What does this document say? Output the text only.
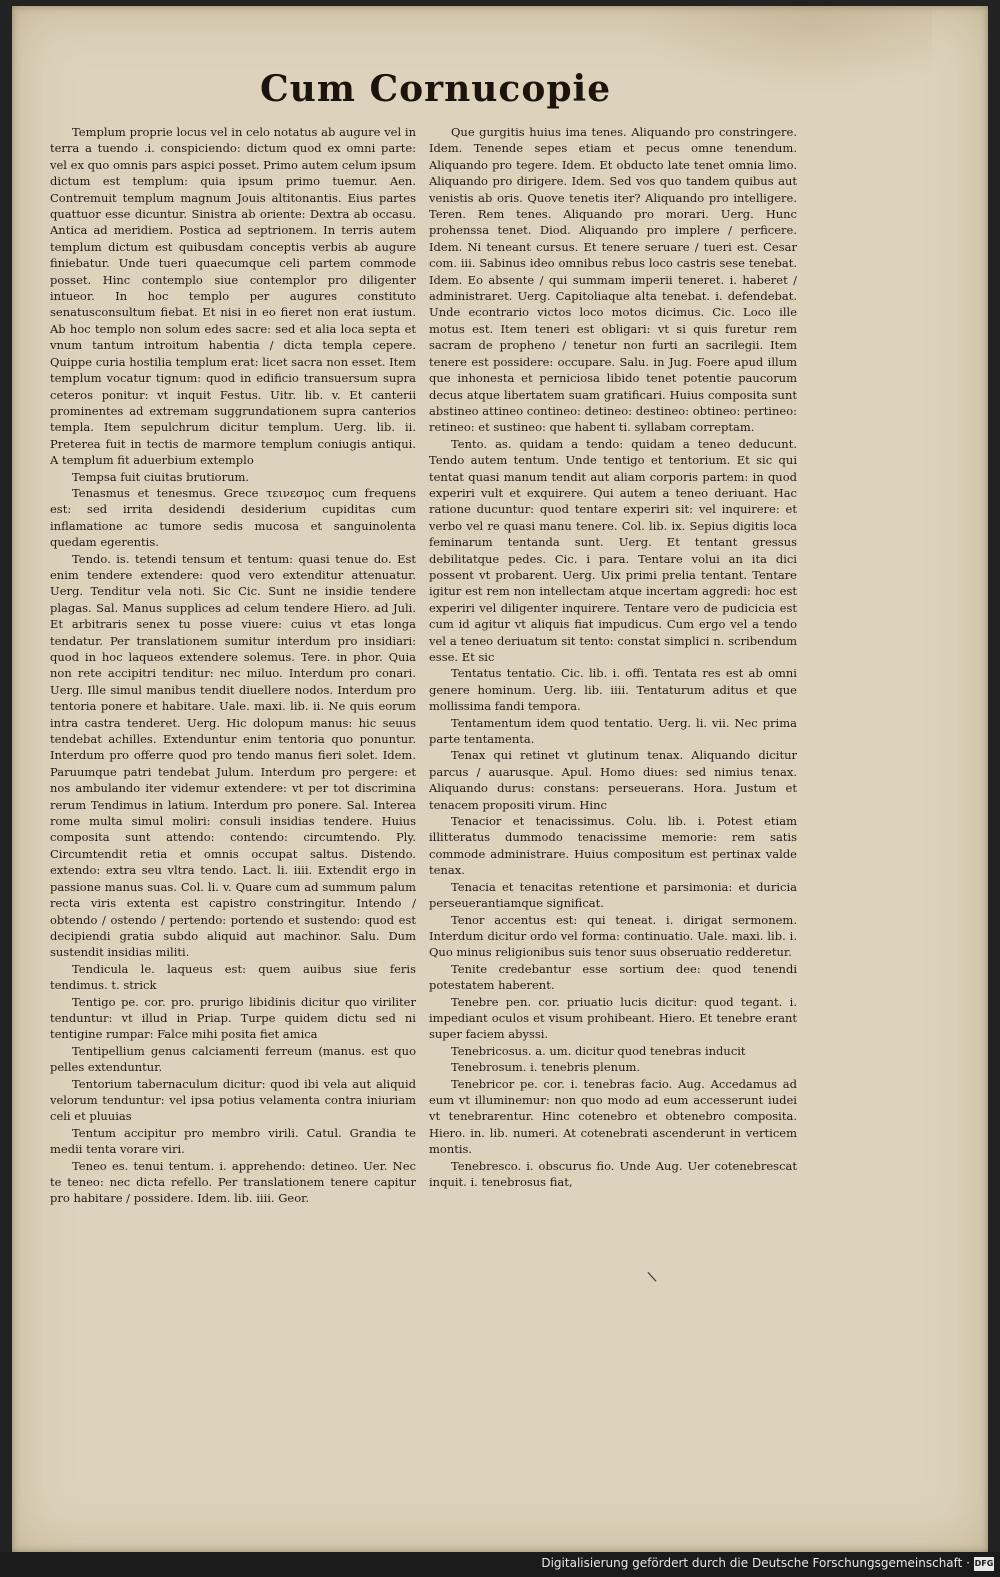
Cum Cornucopie

Templum proprie locus vel in celo notatus ab augure vel in terra a tuendo .i. conspiciendo: dictum quod ex omni parte: vel ex quo omnis pars aspici posset. Primo autem celum ipsum dictum est templum: quia ipsum primo tuemur. Aen. Contremuit templum magnum Jouis altitonantis. Eius partes quattuor esse dicuntur. Sinistra ab oriente: Dextra ab occasu. Antica ad meridiem. Postica ad septrionem. In terris autem templum dictum est quibusdam conceptis verbis ab augure finiebatur. Unde tueri quaecumque celi partem commode posset. Hinc contemplo siue contemplor pro diligenter intueor. In hoc templo per augures constituto senatusconsultum fiebat. Et nisi in eo fieret non erat iustum. Ab hoc templo non solum edes sacre: sed et alia loca septa et vnum tantum introitum habentia / dicta templa cepere. Quippe curia hostilia templum erat: licet sacra non esset. Item templum vocatur tignum: quod in edificio transuersum supra ceteros ponitur: vt inquit Festus. Uitr. lib. v. Et canterii prominentes ad extremam suggrundationem supra canterios templa. Item sepulchrum dicitur templum. Uerg. lib. ii. Preterea fuit in tectis de marmore templum coniugis antiqui. A templum fit aduerbium extemplo

Tempsa fuit ciuitas brutiorum.

Tenasmus et tenesmus. Grece τεινεσμος cum frequens est: sed irrita desidendi desiderium cupiditas cum inflamatione ac tumore sedis mucosa et sanguinolenta quedam egerentis.

Tendo. is. tetendi tensum et tentum: quasi tenue do. Est enim tendere extendere: quod vero extenditur attenuatur. Uerg. Tenditur vela noti. Sic Cic. Sunt ne insidie tendere plagas. Sal. Manus supplices ad celum tendere Hiero. ad Juli. Et arbitraris senex tu posse viuere: cuius vt etas longa tendatur. Per translationem sumitur interdum pro insidiari: quod in hoc laqueos extendere solemus. Tere. in phor. Quia non rete accipitri tenditur: nec miluo. Interdum pro conari. Uerg. Ille simul manibus tendit diuellere nodos. Interdum pro tentoria ponere et habitare. Uale. maxi. lib. ii. Ne quis eorum intra castra tenderet. Uerg. Hic dolopum manus: hic seuus tendebat achilles. Extenduntur enim tentoria quo ponuntur. Interdum pro offerre quod pro tendo manus fieri solet. Idem. Paruumque patri tendebat Julum. Interdum pro pergere: et nos ambulando iter videmur extendere: vt per tot discrimina rerum Tendimus in latium. Interdum pro ponere. Sal. Interea rome multa simul moliri: consuli insidias tendere. Huius composita sunt attendo: contendo: circumtendo. Ply. Circumtendit retia et omnis occupat saltus. Distendo. extendo: extra seu vltra tendo. Lact. li. iiii. Extendit ergo in passione manus suas. Col. li. v. Quare cum ad summum palum recta viris extenta est capistro constringitur. Intendo / obtendo / ostendo / pertendo: portendo et sustendo: quod est decipiendi gratia subdo aliquid aut machinor. Salu. Dum sustendit insidias militi.

Tendicula le. laqueus est: quem auibus siue feris tendimus. t. strick

Tentigo pe. cor. pro. prurigo libidinis dicitur quo viriliter tenduntur: vt illud in Priap. Turpe quidem dictu sed ni tentigine rumpar: Falce mihi posita fiet amica

Tentipellium genus calciamenti ferreum (manus. est quo pelles extenduntur.

Tentorium tabernaculum dicitur: quod ibi vela aut aliquid velorum tenduntur: vel ipsa potius velamenta contra iniuriam celi et pluuias

Tentum accipitur pro membro virili. Catul. Grandia te medii tenta vorare viri.

Teneo es. tenui tentum. i. apprehendo: detineo. Uer. Nec te teneo: nec dicta refello. Per translationem tenere capitur pro habitare / possidere. Idem. lib. iiii. Geor.

Que gurgitis huius ima tenes. Aliquando pro constringere. Idem. Tenende sepes etiam et pecus omne tenendum. Aliquando pro tegere. Idem. Et obducto late tenet omnia limo. Aliquando pro dirigere. Idem. Sed vos quo tandem quibus aut venistis ab oris. Quove tenetis iter? Aliquando pro intelligere. Teren. Rem tenes. Aliquando pro morari. Uerg. Hunc prohenssa tenet. Diod. Aliquando pro implere / perficere. Idem. Ni teneant cursus. Et tenere seruare / tueri est. Cesar com. iii. Sabinus ideo omnibus rebus loco castris sese tenebat. Idem. Eo absente / qui summam imperii teneret. i. haberet / administraret. Uerg. Capitoliaque alta tenebat. i. defendebat. Unde econtrario victos loco motos dicimus. Cic. Loco ille motus est. Item teneri est obligari: vt si quis furetur rem sacram de propheno / tenetur non furti an sacrilegii. Item tenere est possidere: occupare. Salu. in Jug. Foere apud illum que inhonesta et perniciosa libido tenet potentie paucorum decus atque libertatem suam gratificari. Huius composita sunt abstineo attineo contineo: detineo: destineo: obtineo: pertineo: retineo: et sustineo: que habent ti. syllabam correptam.

Tento. as. quidam a tendo: quidam a teneo deducunt. Tendo autem tentum. Unde tentigo et tentorium. Et sic qui tentat quasi manum tendit aut aliam corporis partem: in quod experiri vult et exquirere. Qui autem a teneo deriuant. Hac ratione ducuntur: quod tentare experiri sit: vel inquirere: et verbo vel re quasi manu tenere. Col. lib. ix. Sepius digitis loca feminarum tentanda sunt. Uerg. Et tentant gressus debilitatque pedes. Cic. i para. Tentare volui an ita dici possent vt probarent. Uerg. Uix primi prelia tentant. Tentare igitur est rem non intellectam atque incertam aggredi: hoc est experiri vel diligenter inquirere. Tentare vero de pudicicia est cum id agitur vt aliquis fiat impudicus. Cum ergo vel a tendo vel a teneo deriuatum sit tento: constat simplici n. scribendum esse. Et sic

Tentatus tentatio. Cic. lib. i. offi. Tentata res est ab omni genere hominum. Uerg. lib. iiii. Tentaturum aditus et que mollissima fandi tempora.

Tentamentum idem quod tentatio. Uerg. li. vii. Nec prima parte tentamenta.

Tenax qui retinet vt glutinum tenax. Aliquando dicitur parcus / auarusque. Apul. Homo diues: sed nimius tenax. Aliquando durus: constans: perseuerans. Hora. Justum et tenacem propositi virum. Hinc

Tenacior et tenacissimus. Colu. lib. i. Potest etiam illitteratus dummodo tenacissime memorie: rem satis commode administrare. Huius compositum est pertinax valde tenax.

Tenacia et tenacitas retentione et parsimonia: et duricia perseuerantiamque significat.

Tenor accentus est: qui teneat. i. dirigat sermonem. Interdum dicitur ordo vel forma: continuatio. Uale. maxi. lib. i. Quo minus religionibus suis tenor suus obseruatio redderetur.

Tenite credebantur esse sortium dee: quod tenendi potestatem haberent.

Tenebre pen. cor. priuatio lucis dicitur: quod tegant. i. impediant oculos et visum prohibeant. Hiero. Et tenebre erant super faciem abyssi.

Tenebricosus. a. um. dicitur quod tenebras inducit

Tenebrosum. i. tenebris plenum.

Tenebricor pe. cor. i. tenebras facio. Aug. Accedamus ad eum vt illuminemur: non quo modo ad eum accesserunt iudei vt tenebrarentur. Hinc cotenebro et obtenebro composita. Hiero. in. lib. numeri. At cotenebrati ascenderunt in verticem montis.

Tenebresco. i. obscurus fio. Unde Aug. Uer cotenebrescat inquit. i. tenebrosus fiat,

\
Digitalisierung gefördert durch die Deutsche Forschungsgemeinschaft · DFG
